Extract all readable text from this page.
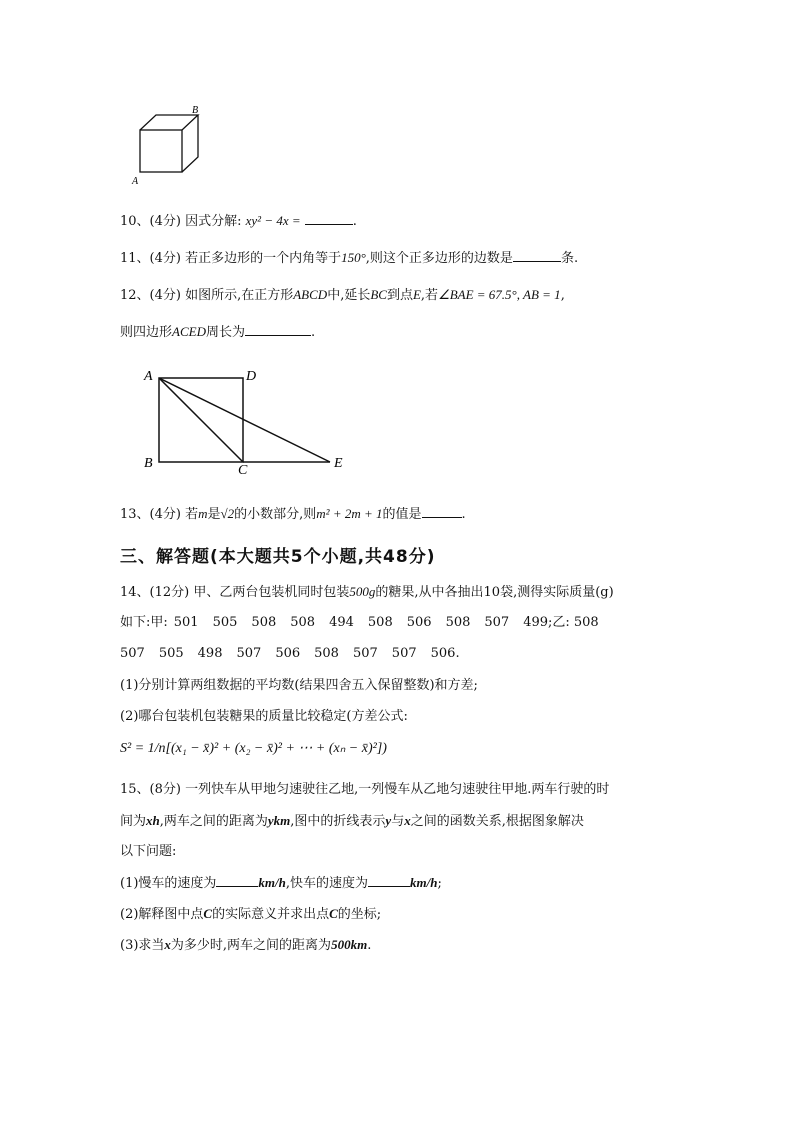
A
B
10、(4分) 因式分解: xy² − 4x =	.
11、(4分) 若正多边形的一个内角等于150°,则这个正多边形的边数是	条.
12、(4分) 如图所示,在正方形ABCD中,延长BC到点E,若∠BAE = 67.5°, AB = 1,
则四边形ACED周长为	.
A	D
B	C	E
13、(4分) 若m是√2的小数部分,则m² + 2m + 1的值是	.
三、解答题(本大题共5个小题,共48分)
14、(12分) 甲、乙两台包装机同时包装500g的糖果,从中各抽出10袋,测得实际质量(g)
如下:甲: 501 505 508 508 494 508 506 508 507 499;乙: 508
507 505 498 507 506 508 507 507 506.
(1)分别计算两组数据的平均数(结果四舍五入保留整数)和方差;
(2)哪台包装机包装糖果的质量比较稳定(方差公式:
S² = 1/n[(x₁ − x̄)² + (x₂ − x̄)² + ⋯ + (xₙ − x̄)²])
15、(8分) 一列快车从甲地匀速驶往乙地,一列慢车从乙地匀速驶往甲地.两车行驶的时
间为xh,两车之间的距离为ykm,图中的折线表示y与x之间的函数关系,根据图象解决
以下问题:
(1)慢车的速度为	km/h,快车的速度为	km/h;
(2)解释图中点C的实际意义并求出点C的坐标;
(3)求当x为多少时,两车之间的距离为500km.
